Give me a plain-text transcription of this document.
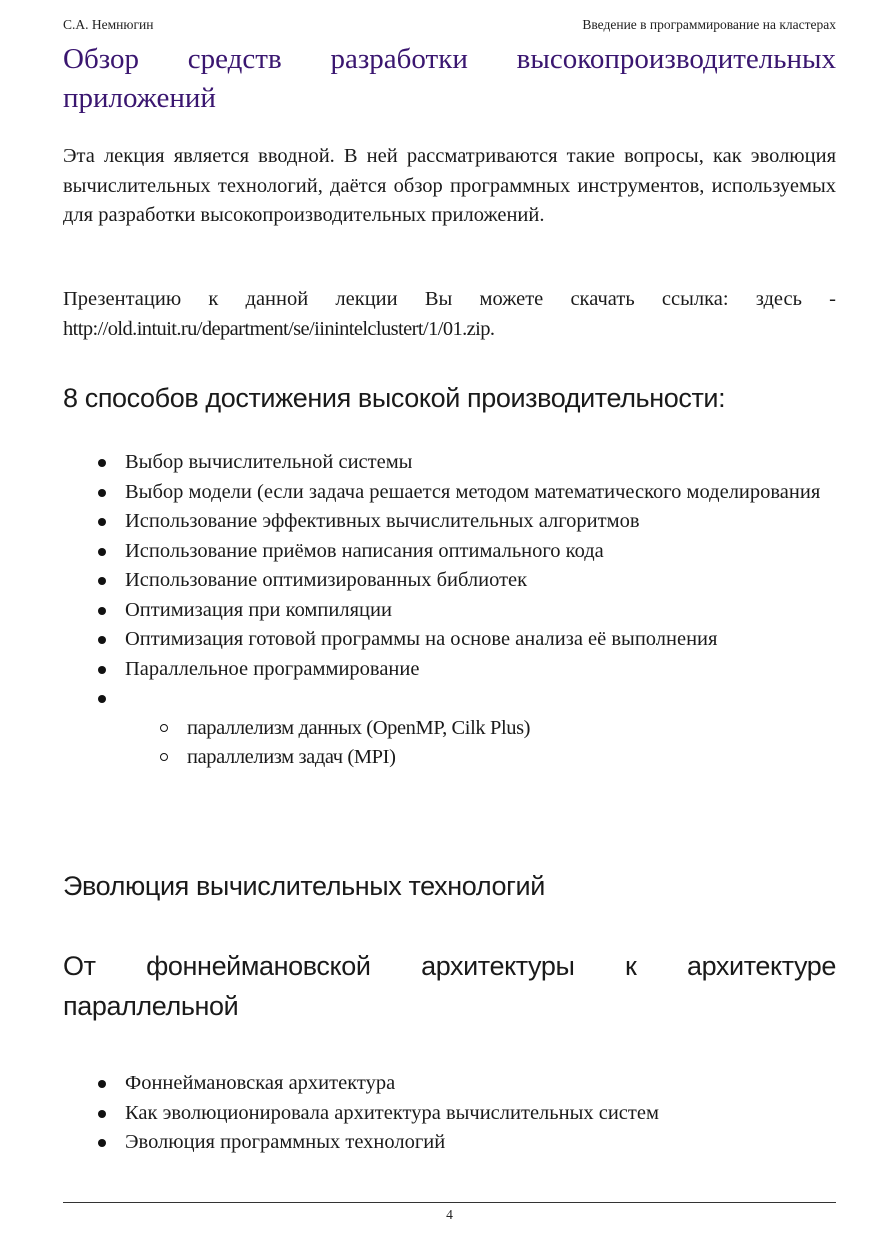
С.А. Немнюгин	Введение в программирование на кластерах
Обзор средств разработки высокопроизводительных приложений

Эта лекция является вводной. В ней рассматриваются такие вопросы, как эволюция вычислительных технологий, даётся обзор программных инструментов, используемых для разработки высокопроизводительных приложений.

Презентацию к данной лекции Вы можете скачать ссылка: здесь - http://old.intuit.ru/department/se/iinintelclustert/1/01.zip.

8 способов достижения высокой производительности:
Выбор вычислительной системы
Выбор модели (если задача решается методом математического моделирования
Использование эффективных вычислительных алгоритмов
Использование приёмов написания оптимального кода
Использование оптимизированных библиотек
Оптимизация при компиляции
Оптимизация готовой программы на основе анализа её выполнения
Параллельное программирование

параллелизм данных (OpenMP, Cilk Plus)
параллелизм задач (MPI)
Эволюция вычислительных технологий
От фоннеймановской архитектуры к архитектуре параллельной
Фоннеймановская архитектура
Как эволюционировала архитектура вычислительных систем
Эволюция программных технологий
4
